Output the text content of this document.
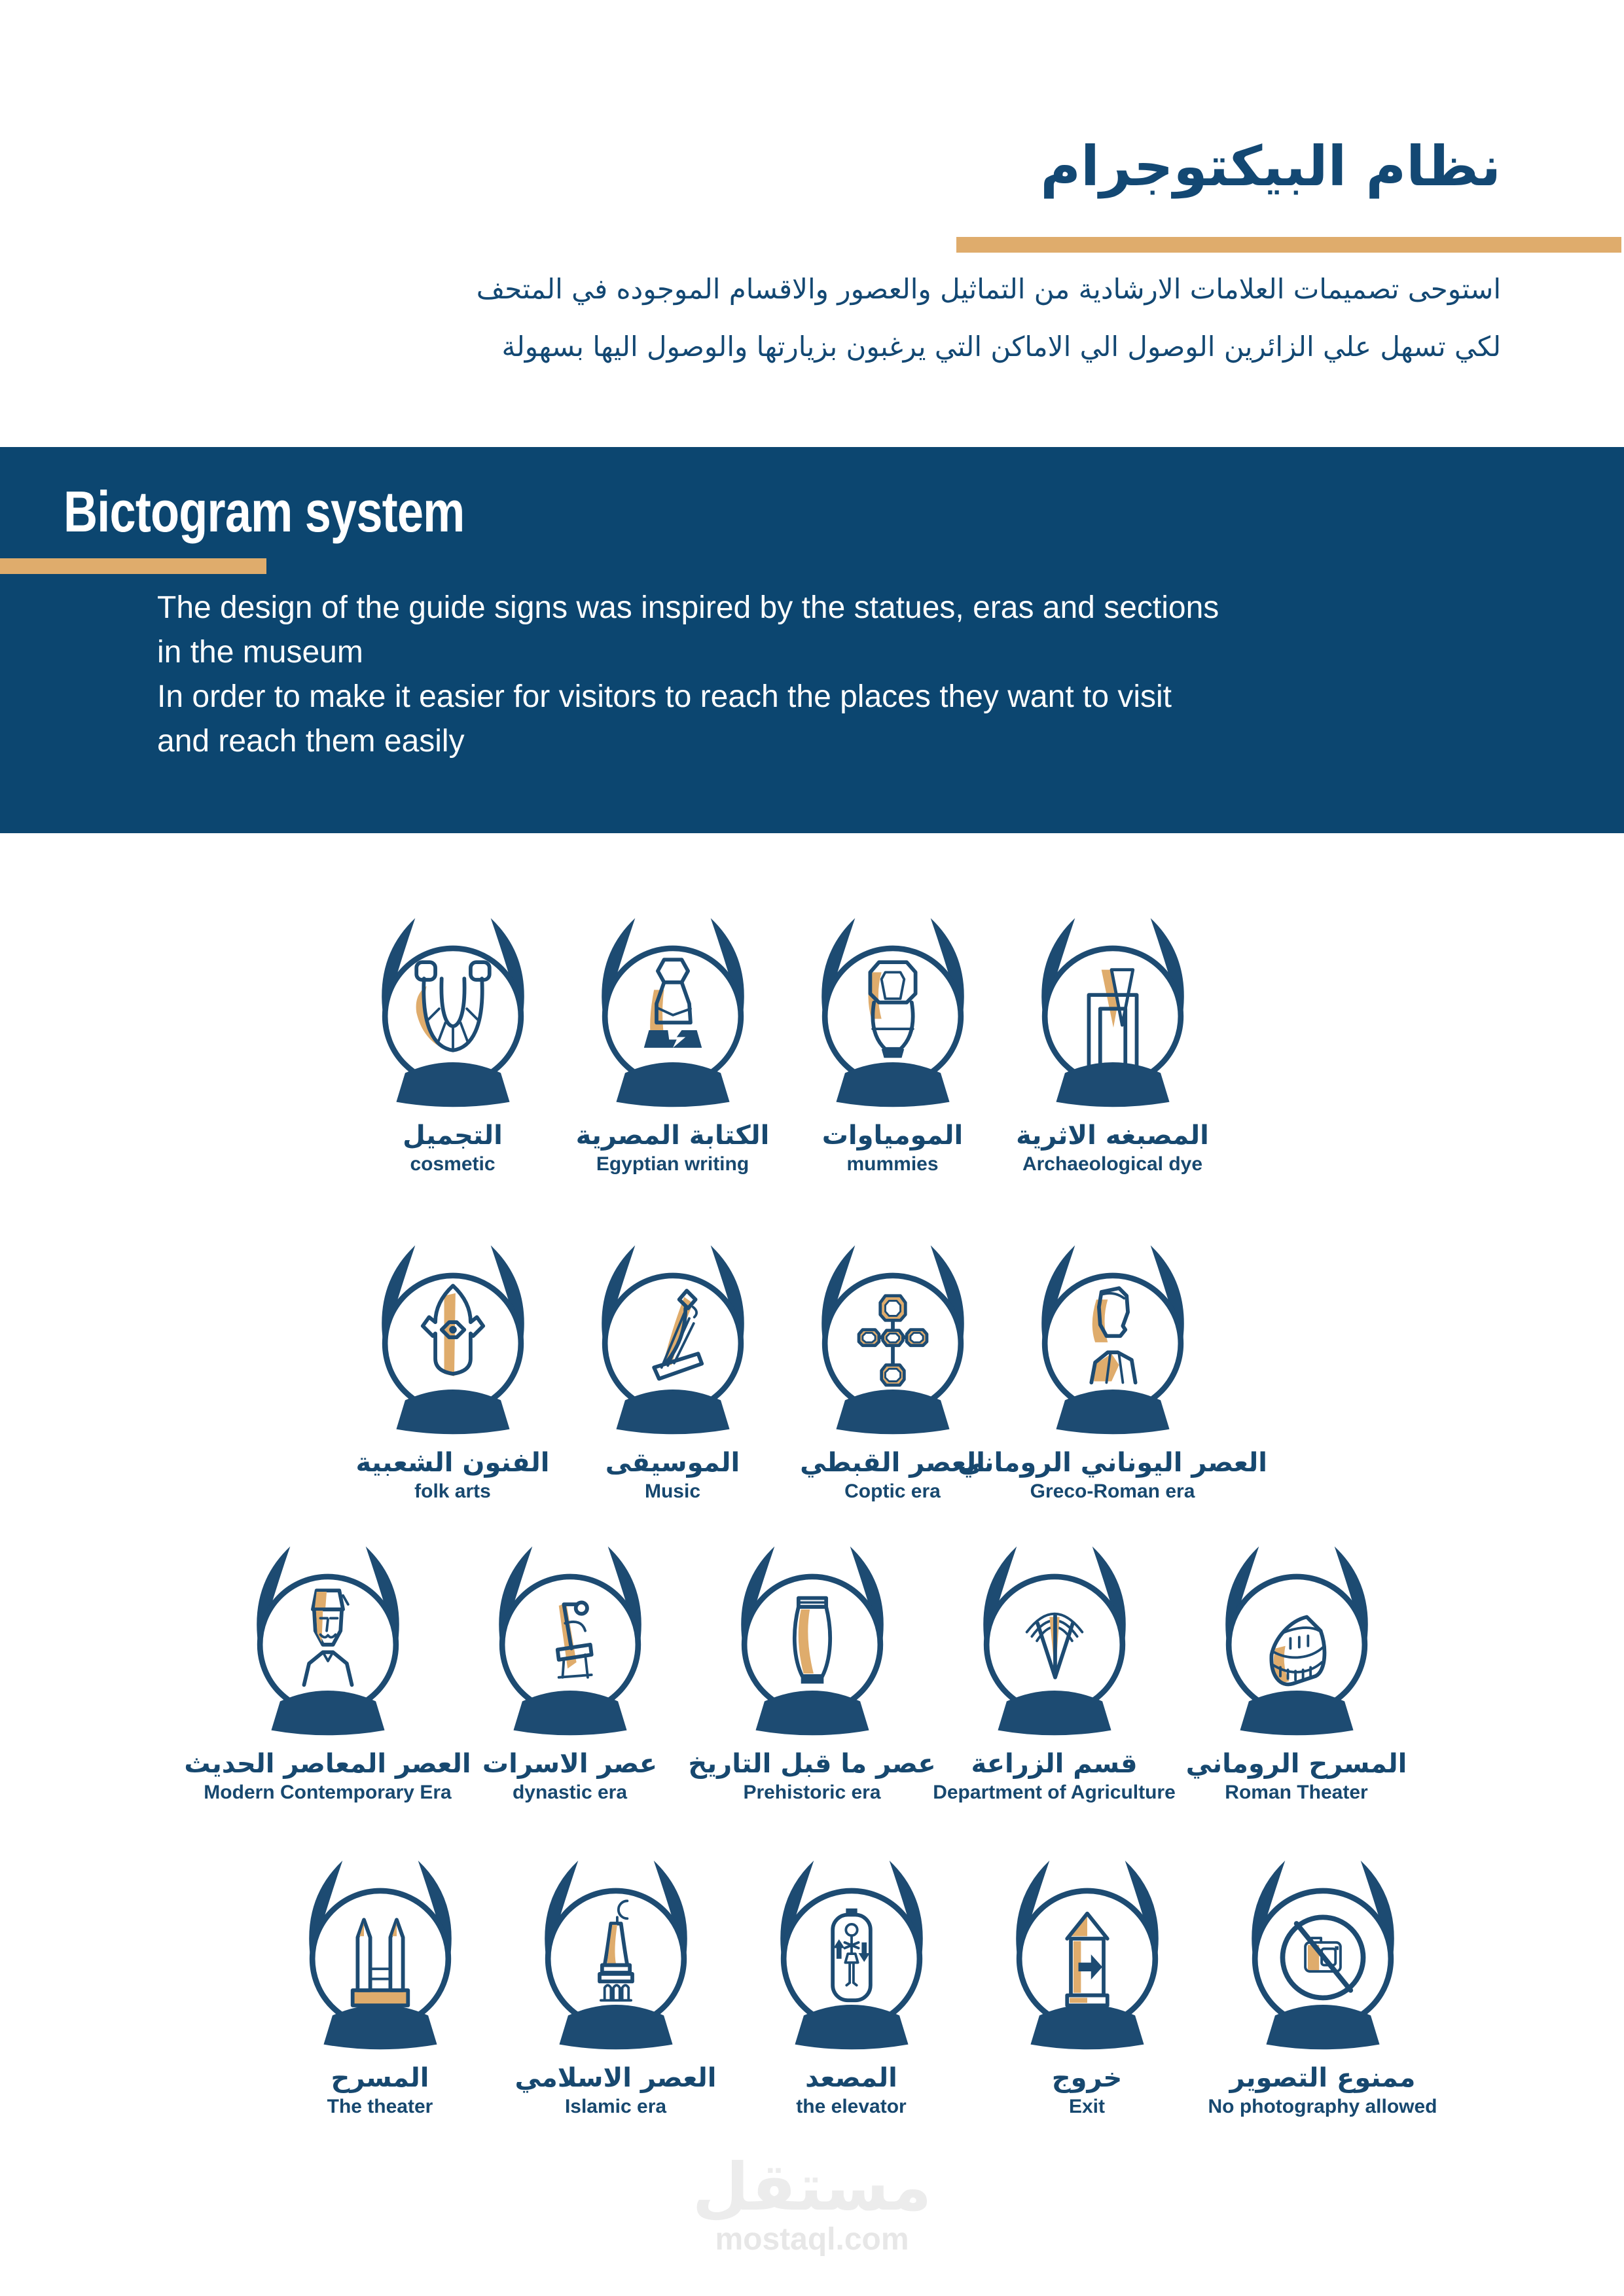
نظام البيكتوجرام
استوحى تصميمات العلامات الارشادية من التماثيل والعصور والاقسام الموجوده في المتحف
لكي تسهل علي الزائرين الوصول الي الاماكن التي يرغبون بزيارتها والوصول اليها بسهولة
Bictogram system
The design of the guide signs was inspired by the statues, eras and sections
in the museum
In order to make it easier for visitors to reach the places they want to visit
and reach them easily
التجميل
cosmetic
الكتابة المصرية
Egyptian writing
المومياوات
mummies
المصبغه الاثرية
Archaeological dye
الفنون الشعبية
folk arts
الموسيقى
Music
العصر القبطي
Coptic era
العصر اليوناني الروماني
Greco-Roman era
العصر المعاصر الحديث
Modern Contemporary Era
عصر الاسرات
dynastic era
عصر ما قبل التاريخ
Prehistoric era
قسم الزراعة
Department of Agriculture
المسرح الروماني
Roman Theater
المسرح
The theater
العصر الاسلامي
Islamic era
المصعد
the elevator
خروج
Exit
ممنوع التصوير
No photography allowed
مستقل
mostaql.com
